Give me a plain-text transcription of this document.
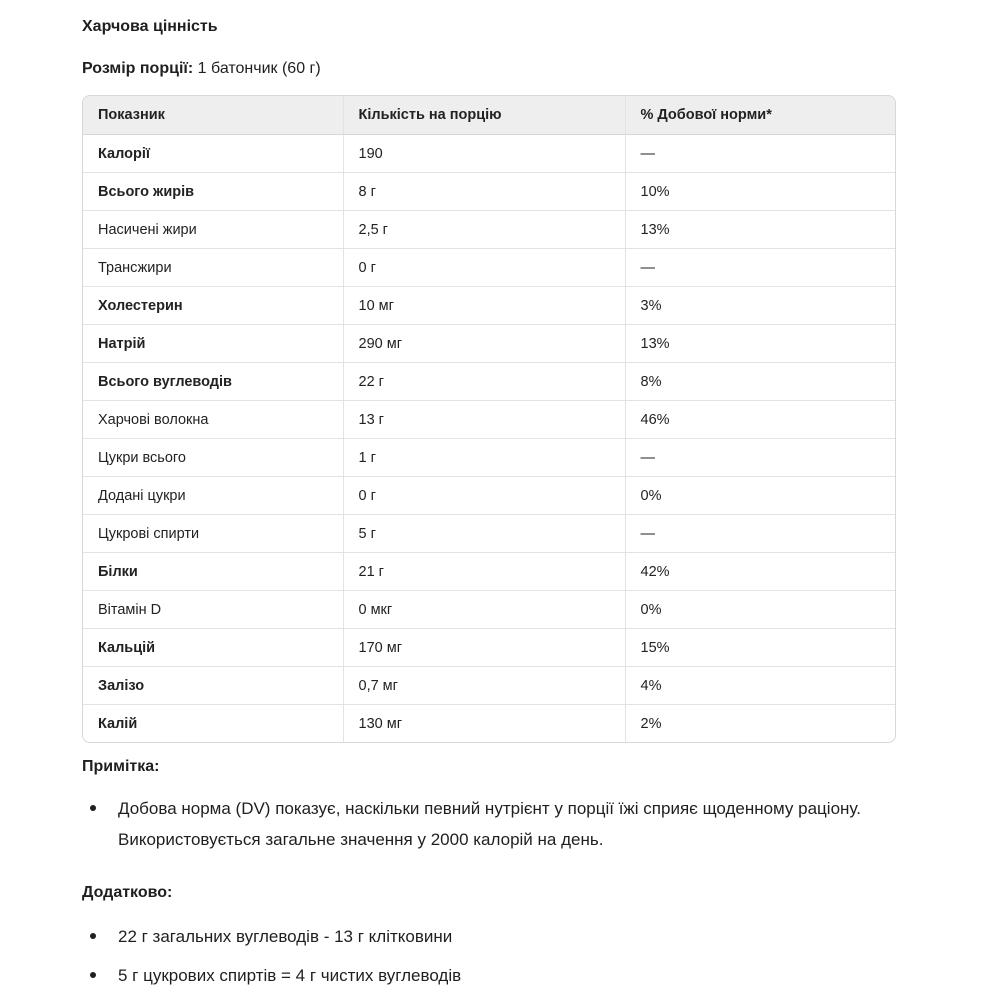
Харчова цінність
Розмір порції: 1 батончик (60 г)
Показник	Кількість на порцію	% Добової норми*
Калорії	190	—
Всього жирів	8 г	10%
Насичені жири	2,5 г	13%
Трансжири	0 г	—
Холестерин	10 мг	3%
Натрій	290 мг	13%
Всього вуглеводів	22 г	8%
Харчові волокна	13 г	46%
Цукри всього	1 г	—
Додані цукри	0 г	0%
Цукрові спирти	5 г	—
Білки	21 г	42%
Вітамін D	0 мкг	0%
Кальцій	170 мг	15%
Залізо	0,7 мг	4%
Калій	130 мг	2%
Примітка:
Добова норма (DV) показує, наскільки певний нутрієнт у порції їжі сприяє щоденному раціону. Використовується загальне значення у 2000 калорій на день.
Додатково:
22 г загальних вуглеводів - 13 г клітковини
5 г цукрових спиртів = 4 г чистих вуглеводів
